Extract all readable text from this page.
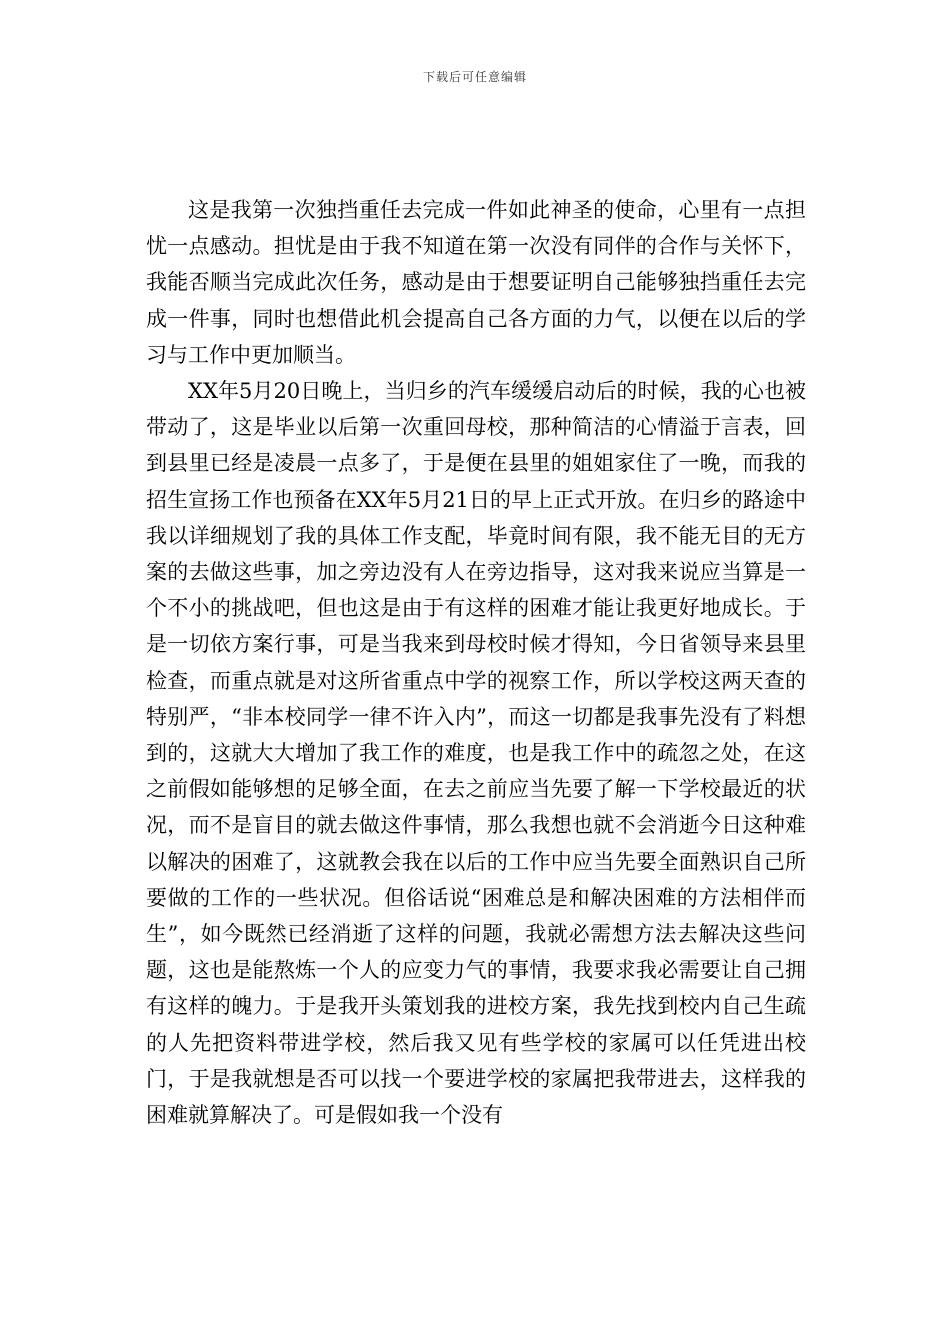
下载后可任意编辑

这是我第一次独挡重任去完成一件如此神圣的使命，心里有一点担忧一点感动。担忧是由于我不知道在第一次没有同伴的合作与关怀下，我能否顺当完成此次任务，感动是由于想要证明自己能够独挡重任去完成一件事，同时也想借此机会提高自己各方面的力气，以便在以后的学习与工作中更加顺当。

XX年5月20日晚上，当归乡的汽车缓缓启动后的时候，我的心也被带动了，这是毕业以后第一次重回母校，那种简洁的心情溢于言表，回到县里已经是凌晨一点多了，于是便在县里的姐姐家住了一晚，而我的招生宣扬工作也预备在XX年5月21日的早上正式开放。在归乡的路途中我以详细规划了我的具体工作支配，毕竟时间有限，我不能无目的无方案的去做这些事，加之旁边没有人在旁边指导，这对我来说应当算是一个不小的挑战吧，但也这是由于有这样的困难才能让我更好地成长。于是一切依方案行事，可是当我来到母校时候才得知，今日省领导来县里检查，而重点就是对这所省重点中学的视察工作，所以学校这两天查的特别严，“非本校同学一律不许入内”，而这一切都是我事先没有了料想到的，这就大大增加了我工作的难度，也是我工作中的疏忽之处，在这之前假如能够想的足够全面，在去之前应当先要了解一下学校最近的状况，而不是盲目的就去做这件事情，那么我想也就不会消逝今日这种难以解决的困难了，这就教会我在以后的工作中应当先要全面熟识自己所要做的工作的一些状况。但俗话说“困难总是和解决困难的方法相伴而生”，如今既然已经消逝了这样的问题，我就必需想方法去解决这些问题，这也是能熬炼一个人的应变力气的事情，我要求我必需要让自己拥有这样的魄力。于是我开头策划我的进校方案，我先找到校内自己生疏的人先把资料带进学校，然后我又见有些学校的家属可以任凭进出校门，于是我就想是否可以找一个要进学校的家属把我带进去，这样我的困难就算解决了。可是假如我一个没有
